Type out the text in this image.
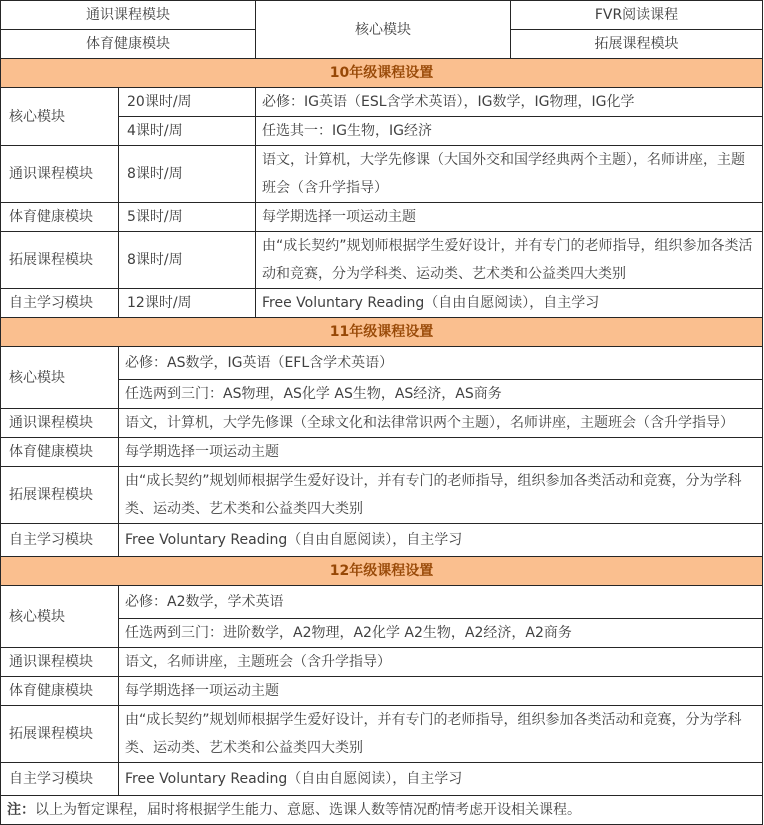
通识课程模块		核心模块	FVR阅读课程
体育健康模块			拓展课程模块
10年级课程设置			
核心模块	20课时/周	必修：IG英语（ESL含学术英语），IG数学，IG物理，IG化学	
	4课时/周	任选其一：IG生物，IG经济	
通识课程模块	8课时/周	语文，计算机，大学先修课（大国外交和国学经典两个主题），名师讲座，主题班会（含升学指导）	
体育健康模块	5课时/周	每学期选择一项运动主题	
拓展课程模块	8课时/周	由“成长契约”规划师根据学生爱好设计，并有专门的老师指导，组织参加各类活动和竞赛，分为学科类、运动类、艺术类和公益类四大类别	
自主学习模块	12课时/周	Free Voluntary Reading（自由自愿阅读），自主学习	
11年级课程设置			
核心模块	必修：AS数学，IG英语（EFL含学术英语）		
	任选两到三门：AS物理，AS化学 AS生物，AS经济，AS商务		
通识课程模块	语文，计算机，大学先修课（全球文化和法律常识两个主题），名师讲座，主题班会（含升学指导）		
体育健康模块	每学期选择一项运动主题		
拓展课程模块	由“成长契约”规划师根据学生爱好设计，并有专门的老师指导，组织参加各类活动和竞赛，分为学科类、运动类、艺术类和公益类四大类别		
自主学习模块	Free Voluntary Reading（自由自愿阅读），自主学习		
12年级课程设置			
核心模块	必修：A2数学，学术英语		
	任选两到三门：进阶数学，A2物理，A2化学 A2生物，A2经济，A2商务		
通识课程模块	语文，名师讲座，主题班会（含升学指导）		
体育健康模块	每学期选择一项运动主题		
拓展课程模块	由“成长契约”规划师根据学生爱好设计，并有专门的老师指导，组织参加各类活动和竞赛，分为学科类、运动类、艺术类和公益类四大类别		
自主学习模块	Free Voluntary Reading（自由自愿阅读），自主学习		
注：以上为暂定课程，届时将根据学生能力、意愿、选课人数等情况酌情考虑开设相关课程。			
